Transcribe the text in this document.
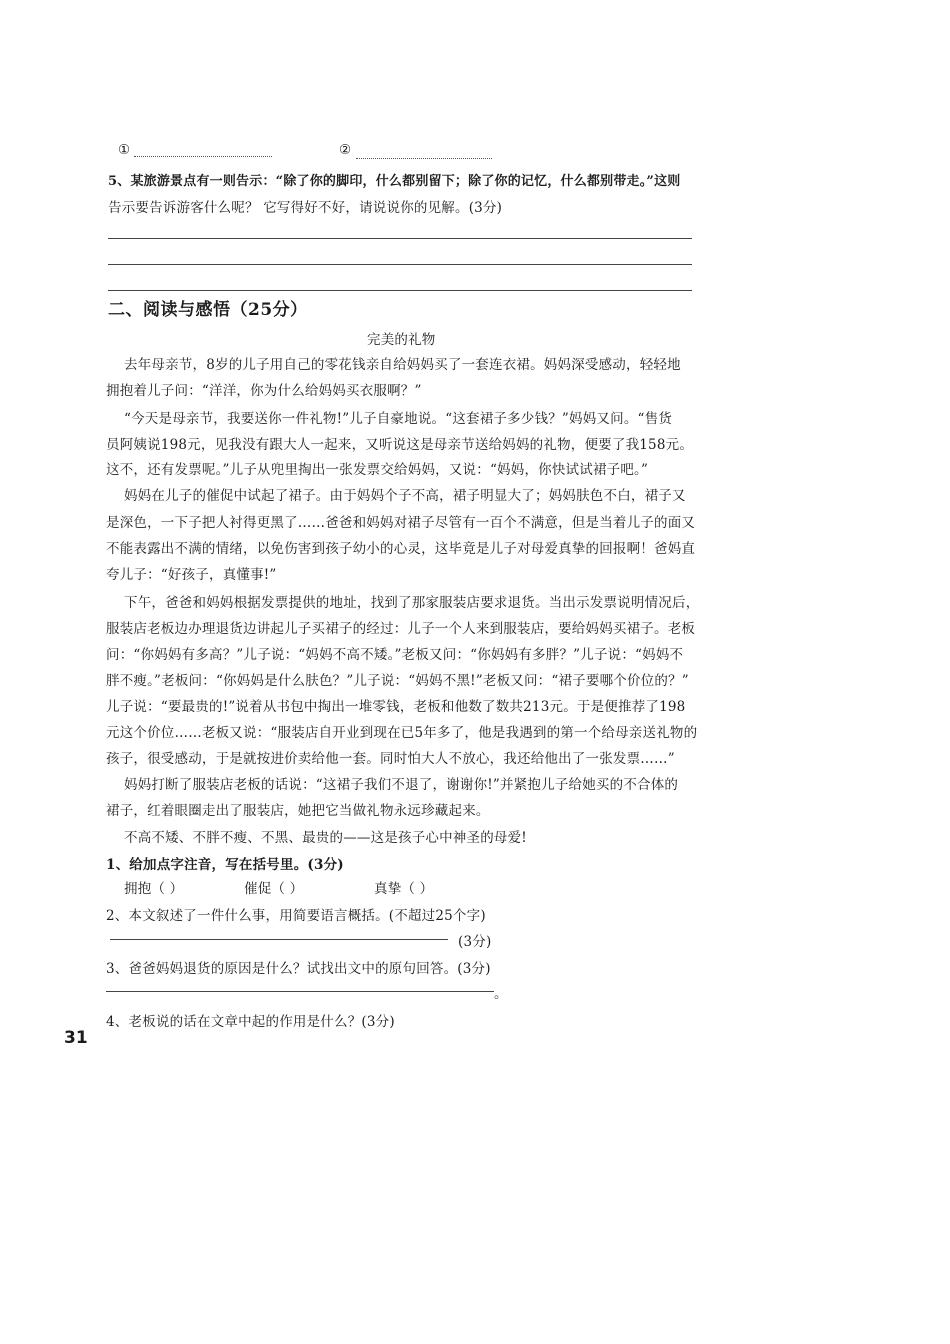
①	②
5、某旅游景点有一则告示：“除了你的脚印，什么都别留下；除了你的记忆，什么都别带走。”这则
告示要告诉游客什么呢？ 它写得好不好，请说说你的见解。(3分)
二、阅读与感悟（25分）
完美的礼物
去年母亲节，8岁的儿子用自己的零花钱亲自给妈妈买了一套连衣裙。妈妈深受感动，轻轻地
拥抱着儿子问：“洋洋，你为什么给妈妈买衣服啊？”
“今天是母亲节，我要送你一件礼物!”儿子自豪地说。“这套裙子多少钱？”妈妈又问。“售货
员阿姨说198元，见我没有跟大人一起来，又听说这是母亲节送给妈妈的礼物，便要了我158元。
这不，还有发票呢。”儿子从兜里掏出一张发票交给妈妈，又说：“妈妈，你快试试裙子吧。”
妈妈在儿子的催促中试起了裙子。由于妈妈个子不高，裙子明显大了；妈妈肤色不白，裙子又
是深色，一下子把人衬得更黑了……爸爸和妈妈对裙子尽管有一百个不满意，但是当着儿子的面又
不能表露出不满的情绪，以免伤害到孩子幼小的心灵，这毕竟是儿子对母爱真挚的回报啊！爸妈直
夸儿子：“好孩子，真懂事!”
下午，爸爸和妈妈根据发票提供的地址，找到了那家服装店要求退货。当出示发票说明情况后，
服装店老板边办理退货边讲起儿子买裙子的经过：儿子一个人来到服装店，要给妈妈买裙子。老板
问：“你妈妈有多高？”儿子说：“妈妈不高不矮。”老板又问：“你妈妈有多胖？”儿子说：“妈妈不
胖不瘦。”老板问：“你妈妈是什么肤色？”儿子说：“妈妈不黑!”老板又问：“裙子要哪个价位的？”
儿子说：“要最贵的!”说着从书包中掏出一堆零钱，老板和他数了数共213元。于是便推荐了198
元这个价位……老板又说：“服装店自开业到现在已5年多了，他是我遇到的第一个给母亲送礼物的
孩子，很受感动，于是就按进价卖给他一套。同时怕大人不放心，我还给他出了一张发票……”
妈妈打断了服装店老板的话说：“这裙子我们不退了，谢谢你!”并紧抱儿子给她买的不合体的
裙子，红着眼圈走出了服装店，她把它当做礼物永远珍藏起来。
不高不矮、不胖不瘦、不黑、最贵的——这是孩子心中神圣的母爱!
1、给加点字注音，写在括号里。(3分)
拥抱（ ）	催促（ ）	真挚（ ）
2、本文叙述了一件什么事，用简要语言概括。(不超过25个字)
(3分)
3、爸爸妈妈退货的原因是什么？试找出文中的原句回答。(3分)
。
4、老板说的话在文章中起的作用是什么？(3分)
31
